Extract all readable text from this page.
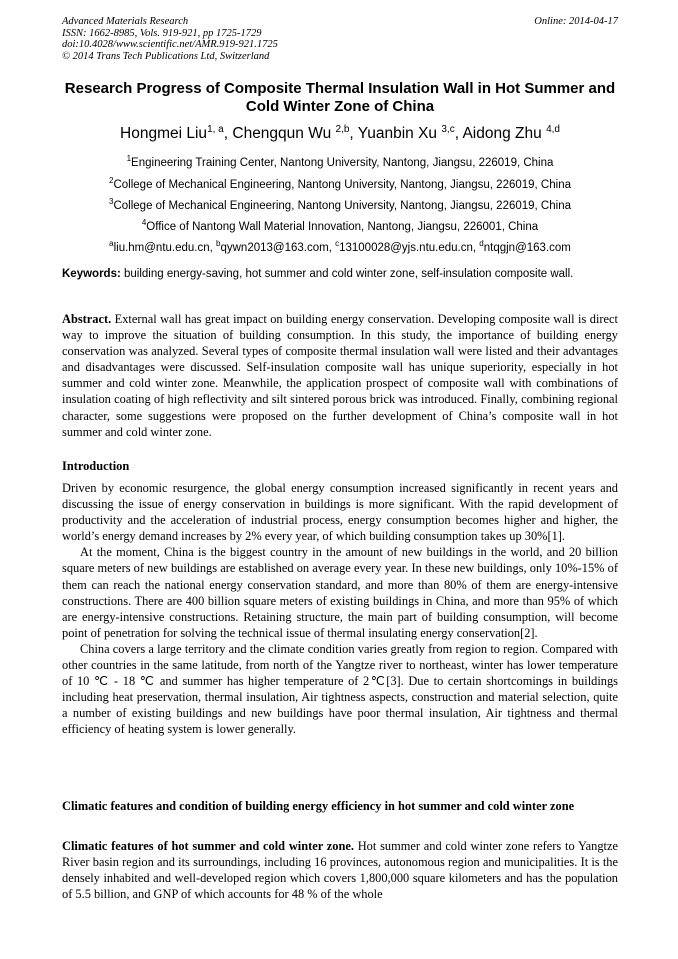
Advanced Materials Research
ISSN: 1662-8985, Vols. 919-921, pp 1725-1729
doi:10.4028/www.scientific.net/AMR.919-921.1725
© 2014 Trans Tech Publications Ltd, Switzerland
Online: 2014-04-17
Research Progress of Composite Thermal Insulation Wall in Hot Summer and Cold Winter Zone of China
Hongmei Liu$^{1, a}$, Chengqun Wu $^{2,b}$, Yuanbin Xu $^{3,c}$, Aidong Zhu $^{4,d}$
$^1$Engineering Training Center, Nantong University, Nantong, Jiangsu, 226019, China
$^2$College of Mechanical Engineering, Nantong University, Nantong, Jiangsu, 226019, China
$^3$College of Mechanical Engineering, Nantong University, Nantong, Jiangsu, 226019, China
$^4$Office of Nantong Wall Material Innovation, Nantong, Jiangsu, 226001, China
$^a$liu.hm@ntu.edu.cn, $^b$qywn2013@163.com, $^c$13100028@yjs.ntu.edu.cn, $^d$ntqgjn@163.com
Keywords: building energy-saving, hot summer and cold winter zone, self-insulation composite wall.

Abstract. External wall has great impact on building energy conservation. Developing composite wall is direct way to improve the situation of building consumption. In this study, the importance of building energy conservation was analyzed. Several types of composite thermal insulation wall were listed and their advantages and disadvantages were discussed. Self-insulation composite wall has unique superiority, especially in hot summer and cold winter zone. Meanwhile, the application prospect of composite wall with combinations of insulation coating of high reflectivity and silt sintered porous brick was introduced. Finally, combining regional character, some suggestions were proposed on the further development of China’s composite wall in hot summer and cold winter zone.

Introduction

Driven by economic resurgence, the global energy consumption increased significantly in recent years and discussing the issue of energy conservation in buildings is more significant. With the rapid development of productivity and the acceleration of industrial process, energy consumption becomes higher and higher, the world’s energy demand increases by 2% every year, of which building consumption takes up 30%[1].

At the moment, China is the biggest country in the amount of new buildings in the world, and 20 billion square meters of new buildings are established on average every year. In these new buildings, only 10%-15% of them can reach the national energy conservation standard, and more than 80% of them are energy-intensive constructions. There are 400 billion square meters of existing buildings in China, and more than 95% of which are energy-intensive constructions. Retaining structure, the main part of building consumption, will become point of penetration for solving the technical issue of thermal insulating energy conservation[2].

China covers a large territory and the climate condition varies greatly from region to region. Compared with other countries in the same latitude, from north of the Yangtze river to northeast, winter has lower temperature of 10 ℃ - 18 ℃ and summer has higher temperature of 2℃[3]. Due to certain shortcomings in buildings including heat preservation, thermal insulation, Air tightness aspects, construction and material selection, quite a number of existing buildings and new buildings have poor thermal insulation, Air tightness and thermal efficiency of heating system is lower generally.

Climatic features and condition of building energy efficiency in hot summer and cold winter zone

Climatic features of hot summer and cold winter zone. Hot summer and cold winter zone refers to Yangtze River basin region and its surroundings, including 16 provinces, autonomous region and municipalities. It is the densely inhabited and well-developed region which covers 1,800,000 square kilometers and has the population of 5.5 billion, and GNP of which accounts for 48 % of the whole
